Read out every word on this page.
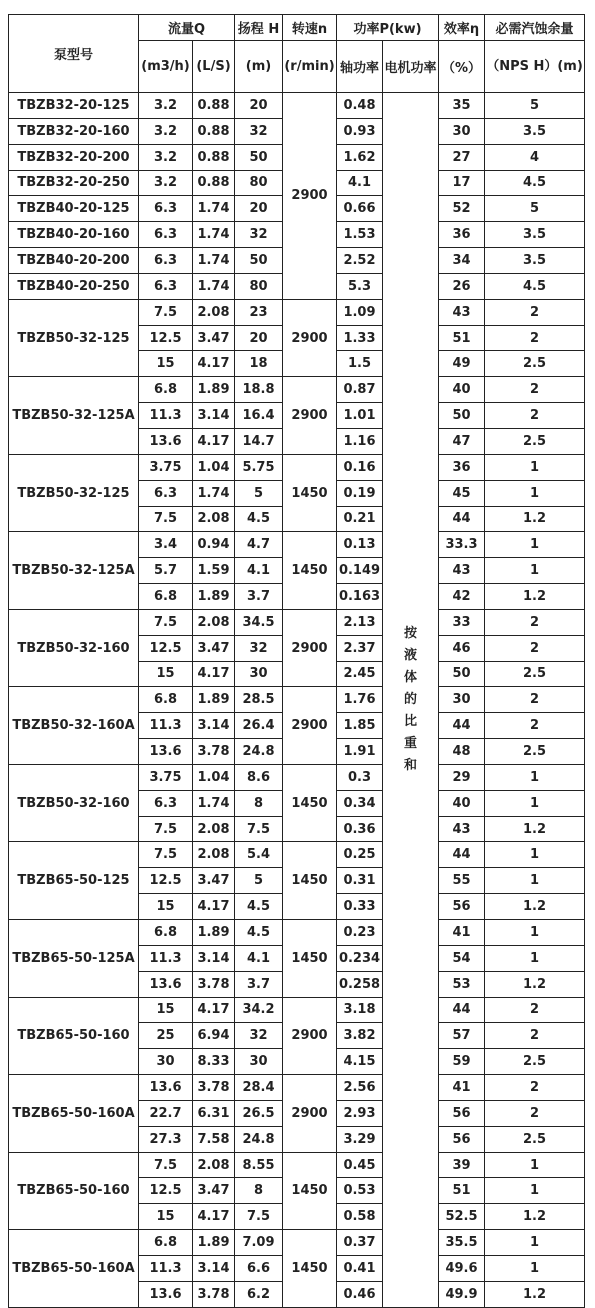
泵型号	流量Q		扬程 H	转速n	功率P(kw)		效率η	必需汽蚀余量
	(m3/h)	(L/S)	(m)	(r/min)	轴功率	电机功率	（%）	（NPS H）(m)
TBZB32-20-125	3.2	0.88	20	2900	0.48	按液体的比重和	35	5
TBZB32-20-160	3.2	0.88	32		0.93		30	3.5
TBZB32-20-200	3.2	0.88	50		1.62		27	4
TBZB32-20-250	3.2	0.88	80		4.1		17	4.5
TBZB40-20-125	6.3	1.74	20		0.66		52	5
TBZB40-20-160	6.3	1.74	32		1.53		36	3.5
TBZB40-20-200	6.3	1.74	50		2.52		34	3.5
TBZB40-20-250	6.3	1.74	80		5.3		26	4.5
TBZB50-32-125	7.5	2.08	23	2900	1.09		43	2
	12.5	3.47	20		1.33		51	2
	15	4.17	18		1.5		49	2.5
TBZB50-32-125A	6.8	1.89	18.8	2900	0.87		40	2
	11.3	3.14	16.4		1.01		50	2
	13.6	4.17	14.7		1.16		47	2.5
TBZB50-32-125	3.75	1.04	5.75	1450	0.16		36	1
	6.3	1.74	5		0.19		45	1
	7.5	2.08	4.5		0.21		44	1.2
TBZB50-32-125A	3.4	0.94	4.7	1450	0.13		33.3	1
	5.7	1.59	4.1		0.149		43	1
	6.8	1.89	3.7		0.163		42	1.2
TBZB50-32-160	7.5	2.08	34.5	2900	2.13		33	2
	12.5	3.47	32		2.37		46	2
	15	4.17	30		2.45		50	2.5
TBZB50-32-160A	6.8	1.89	28.5	2900	1.76		30	2
	11.3	3.14	26.4		1.85		44	2
	13.6	3.78	24.8		1.91		48	2.5
TBZB50-32-160	3.75	1.04	8.6	1450	0.3		29	1
	6.3	1.74	8		0.34		40	1
	7.5	2.08	7.5		0.36		43	1.2
TBZB65-50-125	7.5	2.08	5.4	1450	0.25		44	1
	12.5	3.47	5		0.31		55	1
	15	4.17	4.5		0.33		56	1.2
TBZB65-50-125A	6.8	1.89	4.5	1450	0.23		41	1
	11.3	3.14	4.1		0.234		54	1
	13.6	3.78	3.7		0.258		53	1.2
TBZB65-50-160	15	4.17	34.2	2900	3.18		44	2
	25	6.94	32		3.82		57	2
	30	8.33	30		4.15		59	2.5
TBZB65-50-160A	13.6	3.78	28.4	2900	2.56		41	2
	22.7	6.31	26.5		2.93		56	2
	27.3	7.58	24.8		3.29		56	2.5
TBZB65-50-160	7.5	2.08	8.55	1450	0.45		39	1
	12.5	3.47	8		0.53		51	1
	15	4.17	7.5		0.58		52.5	1.2
TBZB65-50-160A	6.8	1.89	7.09	1450	0.37		35.5	1
	11.3	3.14	6.6		0.41		49.6	1
	13.6	3.78	6.2		0.46		49.9	1.2
